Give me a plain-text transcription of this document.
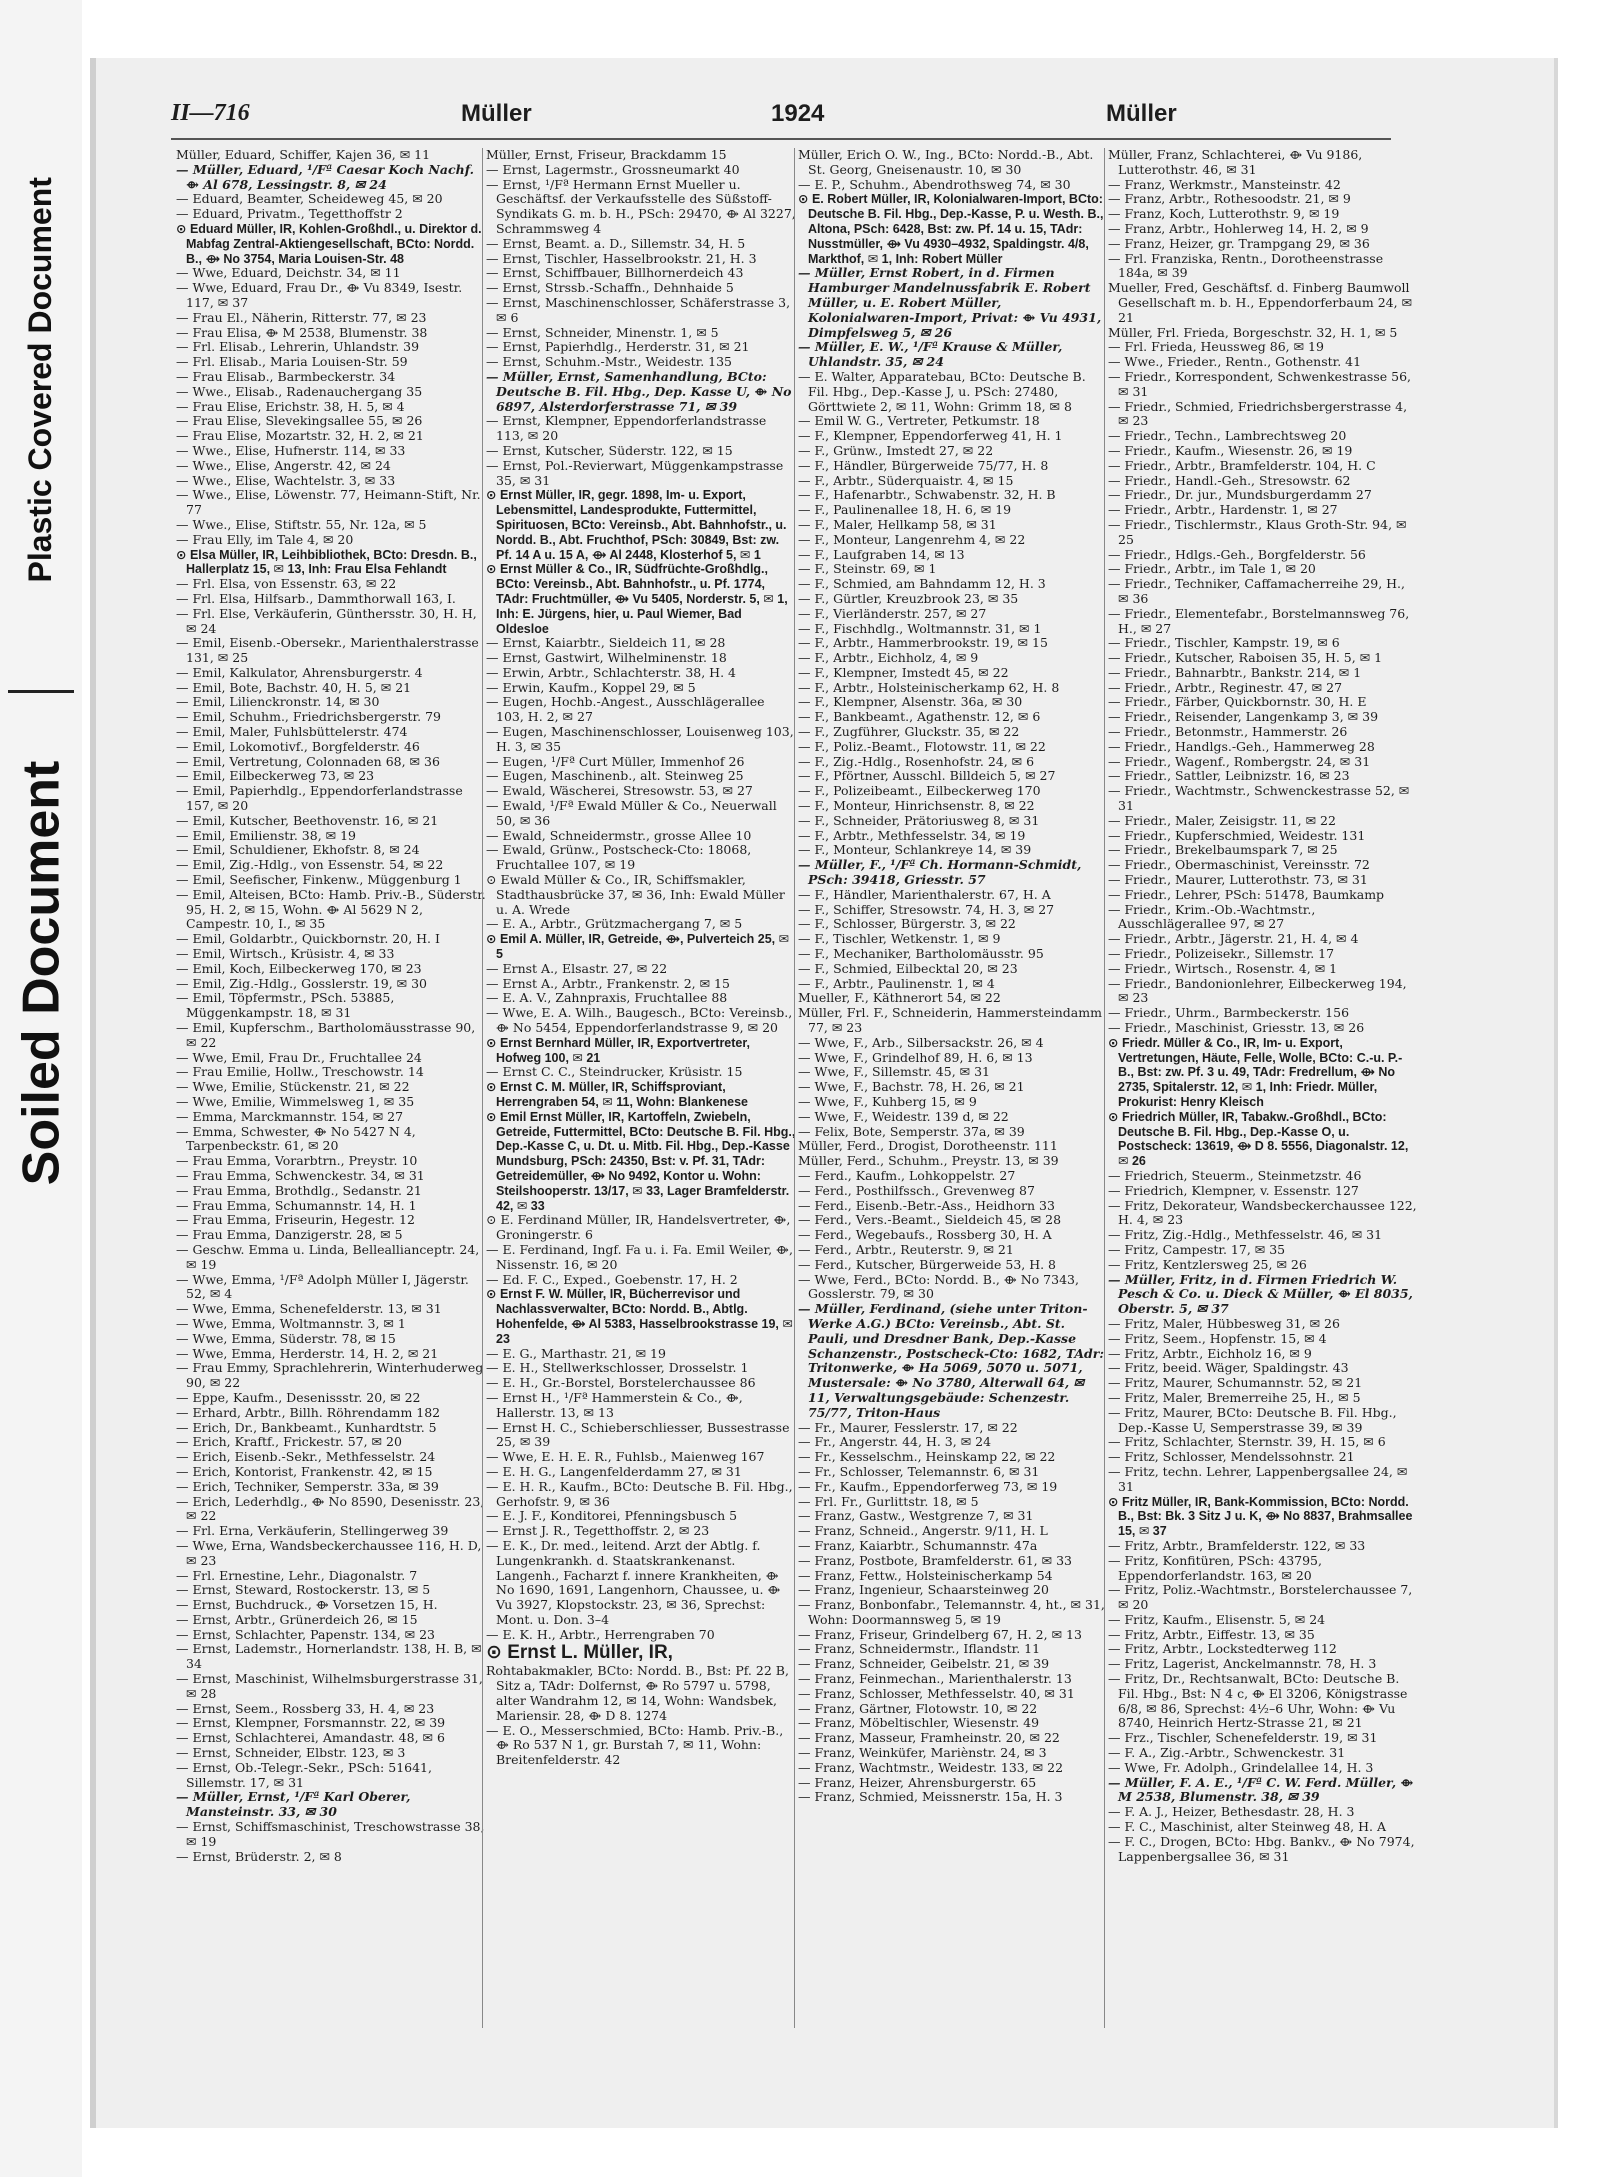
Plastic Covered Document
Soiled Document
II—716	Müller	1924	Müller

Müller, Eduard, Schiffer, Kajen 36, ✉ 11

— Müller, Eduard, ¹/Fª Caesar Koch Nachf. ⟴ Al 678, Lessingstr. 8, ✉ 24

— Eduard, Beamter, Scheideweg 45, ✉ 20

— Eduard, Privatm., Tegetthoffstr 2

⊙ Eduard Müller, IR, Kohlen-Großhdl., u. Direktor d. Mabfag Zentral-Aktiengesellschaft, BCto: Nordd. B., ⟴ No 3754, Maria Louisen-Str. 48

— Wwe, Eduard, Deichstr. 34, ✉ 11

— Wwe, Eduard, Frau Dr., ⟴ Vu 8349, Isestr. 117, ✉ 37

— Frau El., Näherin, Ritterstr. 77, ✉ 23

— Frau Elisa, ⟴ M 2538, Blumenstr. 38

— Frl. Elisab., Lehrerin, Uhlandstr. 39

— Frl. Elisab., Maria Louisen-Str. 59

— Frau Elisab., Barmbeckerstr. 34

— Wwe., Elisab., Radenauchergang 35

— Frau Elise, Erichstr. 38, H. 5, ✉ 4

— Frau Elise, Slevekingsallee 55, ✉ 26

— Frau Elise, Mozartstr. 32, H. 2, ✉ 21

— Wwe., Elise, Hufnerstr. 114, ✉ 33

— Wwe., Elise, Angerstr. 42, ✉ 24

— Wwe., Elise, Wachtelstr. 3, ✉ 33

— Wwe., Elise, Löwenstr. 77, Heimann-Stift, Nr. 77

— Wwe., Elise, Stiftstr. 55, Nr. 12a, ✉ 5

— Frau Elly, im Tale 4, ✉ 20

⊙ Elsa Müller, IR, Leihbibliothek, BCto: Dresdn. B., Hallerplatz 15, ✉ 13, Inh: Frau Elsa Fehlandt

— Frl. Elsa, von Essenstr. 63, ✉ 22

— Frl. Elsa, Hilfsarb., Dammthorwall 163, I.

— Frl. Else, Verkäuferin, Günthersstr. 30, H. H, ✉ 24

— Emil, Eisenb.-Obersekr., Marienthalerstrasse 131, ✉ 25

— Emil, Kalkulator, Ahrensburgerstr. 4

— Emil, Bote, Bachstr. 40, H. 5, ✉ 21

— Emil, Lilienckronstr. 14, ✉ 30

— Emil, Schuhm., Friedrichsbergerstr. 79

— Emil, Maler, Fuhlsbüttelerstr. 474

— Emil, Lokomotivf., Borgfelderstr. 46

— Emil, Vertretung, Colonnaden 68, ✉ 36

— Emil, Eilbeckerweg 73, ✉ 23

— Emil, Papierhdlg., Eppendorferlandstrasse 157, ✉ 20

— Emil, Kutscher, Beethovenstr. 16, ✉ 21

— Emil, Emilienstr. 38, ✉ 19

— Emil, Schuldiener, Ekhofstr. 8, ✉ 24

— Emil, Zig.-Hdlg., von Essenstr. 54, ✉ 22

— Emil, Seefischer, Finkenw., Müggenburg 1

— Emil, Alteisen, BCto: Hamb. Priv.-B., Süderstr. 95, H. 2, ✉ 15, Wohn. ⟴ Al 5629 N 2, Campestr. 10, I., ✉ 35

— Emil, Goldarbtr., Quickbornstr. 20, H. I

— Emil, Wirtsch., Krüsistr. 4, ✉ 33

— Emil, Koch, Eilbeckerweg 170, ✉ 23

— Emil, Zig.-Hdlg., Gosslerstr. 19, ✉ 30

— Emil, Töpfermstr., PSch. 53885, Müggenkampstr. 18, ✉ 31

— Emil, Kupferschm., Bartholomäusstrasse 90, ✉ 22

— Wwe, Emil, Frau Dr., Fruchtallee 24

— Frau Emilie, Hollw., Treschowstr. 14

— Wwe, Emilie, Stückenstr. 21, ✉ 22

— Wwe, Emilie, Wimmelsweg 1, ✉ 35

— Emma, Marckmannstr. 154, ✉ 27

— Emma, Schwester, ⟴ No 5427 N 4, Tarpenbeckstr. 61, ✉ 20

— Frau Emma, Vorarbtrn., Preystr. 10

— Frau Emma, Schwenckestr. 34, ✉ 31

— Frau Emma, Brothdlg., Sedanstr. 21

— Frau Emma, Schumannstr. 14, H. 1

— Frau Emma, Friseurin, Hegestr. 12

— Frau Emma, Danzigerstr. 28, ✉ 5

— Geschw. Emma u. Linda, Belleallianceptr. 24, ✉ 19

— Wwe, Emma, ¹/Fª Adolph Müller I, Jägerstr. 52, ✉ 4

— Wwe, Emma, Schenefelderstr. 13, ✉ 31

— Wwe, Emma, Woltmannstr. 3, ✉ 1

— Wwe, Emma, Süderstr. 78, ✉ 15

— Wwe, Emma, Herderstr. 14, H. 2, ✉ 21

— Frau Emmy, Sprachlehrerin, Winterhuderweg 90, ✉ 22

— Eppe, Kaufm., Desenissstr. 20, ✉ 22

— Erhard, Arbtr., Billh. Röhrendamm 182

— Erich, Dr., Bankbeamt., Kunhardtstr. 5

— Erich, Kraftf., Frickestr. 57, ✉ 20

— Erich, Eisenb.-Sekr., Methfesselstr. 24

— Erich, Kontorist, Frankenstr. 42, ✉ 15

— Erich, Techniker, Semperstr. 33a, ✉ 39

— Erich, Lederhdlg., ⟴ No 8590, Desenisstr. 23, ✉ 22

— Frl. Erna, Verkäuferin, Stellingerweg 39

— Wwe, Erna, Wandsbeckerchaussee 116, H. D, ✉ 23

— Frl. Ernestine, Lehr., Diagonalstr. 7

— Ernst, Steward, Rostockerstr. 13, ✉ 5

— Ernst, Buchdruck., ⟴ Vorsetzen 15, H.

— Ernst, Arbtr., Grünerdeich 26, ✉ 15

— Ernst, Schlachter, Papenstr. 134, ✉ 23

— Ernst, Lademstr., Hornerlandstr. 138, H. B, ✉ 34

— Ernst, Maschinist, Wilhelmsburgerstrasse 31, ✉ 28

— Ernst, Seem., Rossberg 33, H. 4, ✉ 23

— Ernst, Klempner, Forsmannstr. 22, ✉ 39

— Ernst, Schlachterei, Amandastr. 48, ✉ 6

— Ernst, Schneider, Elbstr. 123, ✉ 3

— Ernst, Ob.-Telegr.-Sekr., PSch: 51641, Sillemstr. 17, ✉ 31

— Müller, Ernst, ¹/Fª Karl Oberer, Mansteinstr. 33, ✉ 30

— Ernst, Schiffsmaschinist, Treschowstrasse 38, ✉ 19

— Ernst, Brüderstr. 2, ✉ 8

Müller, Ernst, Friseur, Brackdamm 15

— Ernst, Lagermstr., Grossneumarkt 40

— Ernst, ¹/Fª Hermann Ernst Mueller u. Geschäftsf. der Verkaufsstelle des Süßstoff-Syndikats G. m. b. H., PSch: 29470, ⟴ Al 3227, Schrammsweg 4

— Ernst, Beamt. a. D., Sillemstr. 34, H. 5

— Ernst, Tischler, Hasselbrookstr. 21, H. 3

— Ernst, Schiffbauer, Billhornerdeich 43

— Ernst, Strssb.-Schaffn., Dehnhaide 5

— Ernst, Maschinenschlosser, Schäferstrasse 3, ✉ 6

— Ernst, Schneider, Minenstr. 1, ✉ 5

— Ernst, Papierhdlg., Herderstr. 31, ✉ 21

— Ernst, Schuhm.-Mstr., Weidestr. 135

— Müller, Ernst, Samenhandlung, BCto: Deutsche B. Fil. Hbg., Dep. Kasse U, ⟴ No 6897, Alsterdorferstrasse 71, ✉ 39

— Ernst, Klempner, Eppendorferlandstrasse 113, ✉ 20

— Ernst, Kutscher, Süderstr. 122, ✉ 15

— Ernst, Pol.-Revierwart, Müggenkampstrasse 35, ✉ 31

⊙ Ernst Müller, IR, gegr. 1898, Im- u. Export, Lebensmittel, Landesprodukte, Futtermittel, Spirituosen, BCto: Vereinsb., Abt. Bahnhofstr., u. Nordd. B., Abt. Fruchthof, PSch: 30849, Bst: zw. Pf. 14 A u. 15 A, ⟴ Al 2448, Klosterhof 5, ✉ 1

⊙ Ernst Müller & Co., IR, Südfrüchte-Großhdlg., BCto: Vereinsb., Abt. Bahnhofstr., u. Pf. 1774, TAdr: Fruchtmüller, ⟴ Vu 5405, Norderstr. 5, ✉ 1, Inh: E. Jürgens, hier, u. Paul Wiemer, Bad Oldesloe

— Ernst, Kaiarbtr., Sieldeich 11, ✉ 28

— Ernst, Gastwirt, Wilhelminenstr. 18

— Erwin, Arbtr., Schlachterstr. 38, H. 4

— Erwin, Kaufm., Koppel 29, ✉ 5

— Eugen, Hochb.-Angest., Ausschlägerallee 103, H. 2, ✉ 27

— Eugen, Maschinenschlosser, Louisenweg 103, H. 3, ✉ 35

— Eugen, ¹/Fª Curt Müller, Immenhof 26

— Eugen, Maschinenb., alt. Steinweg 25

— Ewald, Wäscherei, Stresowstr. 53, ✉ 27

— Ewald, ¹/Fª Ewald Müller & Co., Neuerwall 50, ✉ 36

— Ewald, Schneidermstr., grosse Allee 10

— Ewald, Grünw., Postscheck-Cto: 18068, Fruchtallee 107, ✉ 19

⊙ Ewald Müller & Co., IR, Schiffsmakler, Stadthausbrücke 37, ✉ 36, Inh: Ewald Müller u. A. Wrede

— E. A., Arbtr., Grützmachergang 7, ✉ 5

⊙ Emil A. Müller, IR, Getreide, ⟴, Pulverteich 25, ✉ 5

— Ernst A., Elsastr. 27, ✉ 22

— Ernst A., Arbtr., Frankenstr. 2, ✉ 15

— E. A. V., Zahnpraxis, Fruchtallee 88

— Wwe, E. A. Wilh., Baugesch., BCto: Vereinsb., ⟴ No 5454, Eppendorferlandstrasse 9, ✉ 20

⊙ Ernst Bernhard Müller, IR, Exportvertreter, Hofweg 100, ✉ 21

— Ernst C. C., Steindrucker, Krüsistr. 15

⊙ Ernst C. M. Müller, IR, Schiffsproviant, Herrengraben 54, ✉ 11, Wohn: Blankenese

⊙ Emil Ernst Müller, IR, Kartoffeln, Zwiebeln, Getreide, Futtermittel, BCto: Deutsche B. Fil. Hbg., Dep.-Kasse C, u. Dt. u. Mitb. Fil. Hbg., Dep.-Kasse Mundsburg, PSch: 24350, Bst: v. Pf. 31, TAdr: Getreidemüller, ⟴ No 9492, Kontor u. Wohn: Steilshooperstr. 13/17, ✉ 33, Lager Bramfelderstr. 42, ✉ 33

⊙ E. Ferdinand Müller, IR, Handelsvertreter, ⟴, Groningerstr. 6

— E. Ferdinand, Ingf. Fa u. i. Fa. Emil Weiler, ⟴, Nissenstr. 16, ✉ 20

— Ed. F. C., Exped., Goebenstr. 17, H. 2

⊙ Ernst F. W. Müller, IR, Bücherrevisor und Nachlassverwalter, BCto: Nordd. B., Abtlg. Hohenfelde, ⟴ Al 5383, Hasselbrookstrasse 19, ✉ 23

— E. G., Marthastr. 21, ✉ 19

— E. H., Stellwerkschlosser, Drosselstr. 1

— E. H., Gr.-Borstel, Borstelerchaussee 86

— Ernst H., ¹/Fª Hammerstein & Co., ⟴, Hallerstr. 13, ✉ 13

— Ernst H. C., Schieberschliesser, Bussestrasse 25, ✉ 39

— Wwe, E. H. E. R., Fuhlsb., Maienweg 167

— E. H. G., Langenfelderdamm 27, ✉ 31

— E. H. R., Kaufm., BCto: Deutsche B. Fil. Hbg., Gerhofstr. 9, ✉ 36

— E. J. F., Konditorei, Pfenningsbusch 5

— Ernst J. R., Tegetthoffstr. 2, ✉ 23

— E. K., Dr. med., leitend. Arzt der Abtlg. f. Lungenkrankh. d. Staatskrankenanst. Langenh., Facharzt f. innere Krankheiten, ⟴ No 1690, 1691, Langenhorn, Chaussee, u. ⟴ Vu 3927, Klopstockstr. 23, ✉ 36, Sprechst: Mont. u. Don. 3–4

— E. K. H., Arbtr., Herrengraben 70

⊙ Ernst L. Müller, IR,

Rohtabakmakler, BCto: Nordd. B., Bst: Pf. 22 B, Sitz a, TAdr: Dolfernst, ⟴ Ro 5797 u. 5798, alter Wandrahm 12, ✉ 14, Wohn: Wandsbek, Mariensir. 28, ⟴ D 8. 1274

— E. O., Messerschmied, BCto: Hamb. Priv.-B., ⟴ Ro 537 N 1, gr. Burstah 7, ✉ 11, Wohn: Breitenfelderstr. 42

Müller, Erich O. W., Ing., BCto: Nordd.-B., Abt. St. Georg, Gneisenaustr. 10, ✉ 30

— E. P., Schuhm., Abendrothsweg 74, ✉ 30

⊙ E. Robert Müller, IR, Kolonialwaren-Import, BCto: Deutsche B. Fil. Hbg., Dep.-Kasse, P. u. Westh. B., Altona, PSch: 6428, Bst: zw. Pf. 14 u. 15, TAdr: Nusstmüller, ⟴ Vu 4930–4932, Spaldingstr. 4/8, Markthof, ✉ 1, Inh: Robert Müller

— Müller, Ernst Robert, in d. Firmen Hamburger Mandelnussfabrik E. Robert Müller, u. E. Robert Müller, Kolonialwaren-Import, Privat: ⟴ Vu 4931, Dimpfelsweg 5, ✉ 26

— Müller, E. W., ¹/Fª Krause & Müller, Uhlandstr. 35, ✉ 24

— E. Walter, Apparatebau, BCto: Deutsche B. Fil. Hbg., Dep.-Kasse J, u. PSch: 27480, Görttwiete 2, ✉ 11, Wohn: Grimm 18, ✉ 8

— Emil W. G., Vertreter, Petkumstr. 18

— F., Klempner, Eppendorferweg 41, H. 1

— F., Grünw., Imstedt 27, ✉ 22

— F., Händler, Bürgerweide 75/77, H. 8

— F., Arbtr., Süderquaistr. 4, ✉ 15

— F., Hafenarbtr., Schwabenstr. 32, H. B

— F., Paulinenallee 18, H. 6, ✉ 19

— F., Maler, Hellkamp 58, ✉ 31

— F., Monteur, Langenrehm 4, ✉ 22

— F., Laufgraben 14, ✉ 13

— F., Steinstr. 69, ✉ 1

— F., Schmied, am Bahndamm 12, H. 3

— F., Gürtler, Kreuzbrook 23, ✉ 35

— F., Vierländerstr. 257, ✉ 27

— F., Fischhdlg., Woltmannstr. 31, ✉ 1

— F., Arbtr., Hammerbrookstr. 19, ✉ 15

— F., Arbtr., Eichholz, 4, ✉ 9

— F., Klempner, Imstedt 45, ✉ 22

— F., Arbtr., Holsteinischerkamp 62, H. 8

— F., Klempner, Alsenstr. 36a, ✉ 30

— F., Bankbeamt., Agathenstr. 12, ✉ 6

— F., Zugführer, Gluckstr. 35, ✉ 22

— F., Poliz.-Beamt., Flotowstr. 11, ✉ 22

— F., Zig.-Hdlg., Rosenhofstr. 24, ✉ 6

— F., Pförtner, Ausschl. Billdeich 5, ✉ 27

— F., Polizeibeamt., Eilbeckerweg 170

— F., Monteur, Hinrichsenstr. 8, ✉ 22

— F., Schneider, Prätoriusweg 8, ✉ 31

— F., Arbtr., Methfesselstr. 34, ✉ 19

— F., Monteur, Schlankreye 14, ✉ 39

— Müller, F., ¹/Fª Ch. Hormann-Schmidt, PSch: 39418, Griesstr. 57

— F., Händler, Marienthalerstr. 67, H. A

— F., Schiffer, Stresowstr. 74, H. 3, ✉ 27

— F., Schlosser, Bürgerstr. 3, ✉ 22

— F., Tischler, Wetkenstr. 1, ✉ 9

— F., Mechaniker, Bartholomäusstr. 95

— F., Schmied, Eilbecktal 20, ✉ 23

— F., Arbtr., Paulinenstr. 1, ✉ 4

Mueller, F., Käthnerort 54, ✉ 22

Müller, Frl. F., Schneiderin, Hammersteindamm 77, ✉ 23

— Wwe, F., Arb., Silbersackstr. 26, ✉ 4

— Wwe, F., Grindelhof 89, H. 6, ✉ 13

— Wwe, F., Sillemstr. 45, ✉ 31

— Wwe, F., Bachstr. 78, H. 26, ✉ 21

— Wwe, F., Kuhberg 15, ✉ 9

— Wwe, F., Weidestr. 139 d, ✉ 22

— Felix, Bote, Semperstr. 37a, ✉ 39

Müller, Ferd., Drogist, Dorotheenstr. 111

Müller, Ferd., Schuhm., Preystr. 13, ✉ 39

— Ferd., Kaufm., Lohkoppelstr. 27

— Ferd., Posthilfssch., Grevenweg 87

— Ferd., Eisenb.-Betr.-Ass., Heidhorn 33

— Ferd., Vers.-Beamt., Sieldeich 45, ✉ 28

— Ferd., Wegebaufs., Rossberg 30, H. A

— Ferd., Arbtr., Reuterstr. 9, ✉ 21

— Ferd., Kutscher, Bürgerweide 53, H. 8

— Wwe, Ferd., BCto: Nordd. B., ⟴ No 7343, Gosslerstr. 79, ✉ 30

— Müller, Ferdinand, (siehe unter Triton-Werke A.G.) BCto: Vereinsb., Abt. St. Pauli, und Dresdner Bank, Dep.-Kasse Schanzenstr., Postscheck-Cto: 1682, TAdr: Tritonwerke, ⟴ Ha 5069, 5070 u. 5071, Mustersale: ⟴ No 3780, Alterwall 64, ✉ 11, Verwaltungsgebäude: Schenzestr. 75/77, Triton-Haus

— Fr., Maurer, Fesslerstr. 17, ✉ 22

— Fr., Angerstr. 44, H. 3, ✉ 24

— Fr., Kesselschm., Heinskamp 22, ✉ 22

— Fr., Schlosser, Telemannstr. 6, ✉ 31

— Fr., Kaufm., Eppendorferweg 73, ✉ 19

— Frl. Fr., Gurlittstr. 18, ✉ 5

— Franz, Gastw., Westgrenze 7, ✉ 31

— Franz, Schneid., Angerstr. 9/11, H. L

— Franz, Kaiarbtr., Schumannstr. 47a

— Franz, Postbote, Bramfelderstr. 61, ✉ 33

— Franz, Fettw., Holsteinischerkamp 54

— Franz, Ingenieur, Schaarsteinweg 20

— Franz, Bonbonfabr., Telemannstr. 4, ht., ✉ 31, Wohn: Doormannsweg 5, ✉ 19

— Franz, Friseur, Grindelberg 67, H. 2, ✉ 13

— Franz, Schneidermstr., Iflandstr. 11

— Franz, Schneider, Geibelstr. 21, ✉ 39

— Franz, Feinmechan., Marienthalerstr. 13

— Franz, Schlosser, Methfesselstr. 40, ✉ 31

— Franz, Gärtner, Flotowstr. 10, ✉ 22

— Franz, Möbeltischler, Wiesenstr. 49

— Franz, Masseur, Framheinstr. 20, ✉ 22

— Franz, Weinküfer, Mariènstr. 24, ✉ 3

— Franz, Wachtmstr., Weidestr. 133, ✉ 22

— Franz, Heizer, Ahrensburgerstr. 65

— Franz, Schmied, Meissnerstr. 15a, H. 3

Müller, Franz, Schlachterei, ⟴ Vu 9186, Lutterothstr. 46, ✉ 31

— Franz, Werkmstr., Mansteinstr. 42

— Franz, Arbtr., Rothesoodstr. 21, ✉ 9

— Franz, Koch, Lutterothstr. 9, ✉ 19

— Franz, Arbtr., Hohlerweg 14, H. 2, ✉ 9

— Franz, Heizer, gr. Trampgang 29, ✉ 36

— Frl. Franziska, Rentn., Dorotheenstrasse 184a, ✉ 39

Mueller, Fred, Geschäftsf. d. Finberg Baumwoll Gesellschaft m. b. H., Eppendorferbaum 24, ✉ 21

Müller, Frl. Frieda, Borgeschstr. 32, H. 1, ✉ 5

— Frl. Frieda, Heussweg 86, ✉ 19

— Wwe., Frieder., Rentn., Gothenstr. 41

— Friedr., Korrespondent, Schwenkestrasse 56, ✉ 31

— Friedr., Schmied, Friedrichsbergerstrasse 4, ✉ 23

— Friedr., Techn., Lambrechtsweg 20

— Friedr., Kaufm., Wiesenstr. 26, ✉ 19

— Friedr., Arbtr., Bramfelderstr. 104, H. C

— Friedr., Handl.-Geh., Stresowstr. 62

— Friedr., Dr. jur., Mundsburgerdamm 27

— Friedr., Arbtr., Hardenstr. 1, ✉ 27

— Friedr., Tischlermstr., Klaus Groth-Str. 94, ✉ 25

— Friedr., Hdlgs.-Geh., Borgfelderstr. 56

— Friedr., Arbtr., im Tale 1, ✉ 20

— Friedr., Techniker, Caffamacherreihe 29, H., ✉ 36

— Friedr., Elementefabr., Borstelmannsweg 76, H., ✉ 27

— Friedr., Tischler, Kampstr. 19, ✉ 6

— Friedr., Kutscher, Raboisen 35, H. 5, ✉ 1

— Friedr., Bahnarbtr., Bankstr. 214, ✉ 1

— Friedr., Arbtr., Reginestr. 47, ✉ 27

— Friedr., Färber, Quickbornstr. 30, H. E

— Friedr., Reisender, Langenkamp 3, ✉ 39

— Friedr., Betonmstr., Hammerstr. 26

— Friedr., Handlgs.-Geh., Hammerweg 28

— Friedr., Wagenf., Rombergstr. 24, ✉ 31

— Friedr., Sattler, Leibnizstr. 16, ✉ 23

— Friedr., Wachtmstr., Schwenckestrasse 52, ✉ 31

— Friedr., Maler, Zeisigstr. 11, ✉ 22

— Friedr., Kupferschmied, Weidestr. 131

— Friedr., Brekelbaumspark 7, ✉ 25

— Friedr., Obermaschinist, Vereinsstr. 72

— Friedr., Maurer, Lutterothstr. 73, ✉ 31

— Friedr., Lehrer, PSch: 51478, Baumkamp

— Friedr., Krim.-Ob.-Wachtmstr., Ausschlägerallee 97, ✉ 27

— Friedr., Arbtr., Jägerstr. 21, H. 4, ✉ 4

— Friedr., Polizeisekr., Sillemstr. 17

— Friedr., Wirtsch., Rosenstr. 4, ✉ 1

— Friedr., Bandonionlehrer, Eilbeckerweg 194, ✉ 23

— Friedr., Uhrm., Barmbeckerstr. 156

— Friedr., Maschinist, Griesstr. 13, ✉ 26

⊙ Friedr. Müller & Co., IR, Im- u. Export, Vertretungen, Häute, Felle, Wolle, BCto: C.-u. P.-B., Bst: zw. Pf. 3 u. 49, TAdr: Fredrellum, ⟴ No 2735, Spitalerstr. 12, ✉ 1, Inh: Friedr. Müller, Prokurist: Henry Kleisch

⊙ Friedrich Müller, IR, Tabakw.-Großhdl., BCto: Deutsche B. Fil. Hbg., Dep.-Kasse O, u. Postscheck: 13619, ⟴ D 8. 5556, Diagonalstr. 12, ✉ 26

— Friedrich, Steuerm., Steinmetzstr. 46

— Friedrich, Klempner, v. Essenstr. 127

— Fritz, Dekorateur, Wandsbeckerchaussee 122, H. 4, ✉ 23

— Fritz, Zig.-Hdlg., Methfesselstr. 46, ✉ 31

— Fritz, Campestr. 17, ✉ 35

— Fritz, Kentzlersweg 25, ✉ 26

— Müller, Fritz, in d. Firmen Friedrich W. Pesch & Co. u. Dieck & Müller, ⟴ El 8035, Oberstr. 5, ✉ 37

— Fritz, Maler, Hübbesweg 31, ✉ 26

— Fritz, Seem., Hopfenstr. 15, ✉ 4

— Fritz, Arbtr., Eichholz 16, ✉ 9

— Fritz, beeid. Wäger, Spaldingstr. 43

— Fritz, Maurer, Schumannstr. 52, ✉ 21

— Fritz, Maler, Bremerreihe 25, H., ✉ 5

— Fritz, Maurer, BCto: Deutsche B. Fil. Hbg., Dep.-Kasse U, Semperstrasse 39, ✉ 39

— Fritz, Schlachter, Sternstr. 39, H. 15, ✉ 6

— Fritz, Schlosser, Mendelssohnstr. 21

— Fritz, techn. Lehrer, Lappenbergsallee 24, ✉ 31

⊙ Fritz Müller, IR, Bank-Kommission, BCto: Nordd. B., Bst: Bk. 3 Sitz J u. K, ⟴ No 8837, Brahmsallee 15, ✉ 37

— Fritz, Arbtr., Bramfelderstr. 122, ✉ 33

— Fritz, Konfitüren, PSch: 43795, Eppendorferlandstr. 163, ✉ 20

— Fritz, Poliz.-Wachtmstr., Borstelerchaussee 7, ✉ 20

— Fritz, Kaufm., Elisenstr. 5, ✉ 24

— Fritz, Arbtr., Eiffestr. 13, ✉ 35

— Fritz, Arbtr., Lockstedterweg 112

— Fritz, Lagerist, Anckelmannstr. 78, H. 3

— Fritz, Dr., Rechtsanwalt, BCto: Deutsche B. Fil. Hbg., Bst: N 4 c, ⟴ El 3206, Königstrasse 6/8, ✉ 86, Sprechst: 4½–6 Uhr, Wohn: ⟴ Vu 8740, Heinrich Hertz-Strasse 21, ✉ 21

— Frz., Tischler, Schenefelderstr. 19, ✉ 31

— F. A., Zig.-Arbtr., Schwenckestr. 31

— Wwe, Fr. Adolph., Grindelallee 14, H. 3

— Müller, F. A. E., ¹/Fª C. W. Ferd. Müller, ⟴ M 2538, Blumenstr. 38, ✉ 39

— F. A. J., Heizer, Bethesdastr. 28, H. 3

— F. C., Maschinist, alter Steinweg 48, H. A

— F. C., Drogen, BCto: Hbg. Bankv., ⟴ No 7974, Lappenbergsallee 36, ✉ 31
